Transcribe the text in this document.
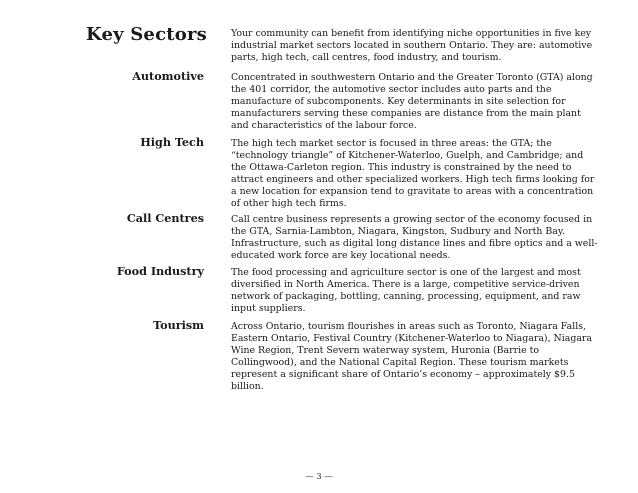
Key Sectors	Your community can benefit from identifying niche opportunities in five key industrial market sectors located in southern Ontario. They are: automotive parts, high tech, call centres, food industry, and tourism.
Automotive	Concentrated in southwestern Ontario and the Greater Toronto (GTA) along the 401 corridor, the automotive sector includes auto parts and the manufacture of subcomponents. Key determinants in site selection for manufacturers serving these companies are distance from the main plant and characteristics of the labour force.
High Tech	The high tech market sector is focused in three areas: the GTA; the “technology triangle” of Kitchener-Waterloo, Guelph, and Cambridge; and the Ottawa-Carleton region. This industry is constrained by the need to attract engineers and other specialized workers. High tech firms looking for a new location for expansion tend to gravitate to areas with a concentration of other high tech firms.
Call Centres	Call centre business represents a growing sector of the economy focused in the GTA, Sarnia-Lambton, Niagara, Kingston, Sudbury and North Bay. Infrastructure, such as digital long distance lines and fibre optics and a well-educated work force are key locational needs.
Food Industry	The food processing and agriculture sector is one of the largest and most diversified in North America. There is a large, competitive service-driven network of packaging, bottling, canning, processing, equipment, and raw input suppliers.
Tourism	Across Ontario, tourism flourishes in areas such as Toronto, Niagara Falls, Eastern Ontario, Festival Country (Kitchener-Waterloo to Niagara), Niagara Wine Region, Trent Severn waterway system, Huronia (Barrie to Collingwood), and the National Capital Region. These tourism markets represent a significant share of Ontario’s economy – approximately $9.5 billion.
— 3 —
